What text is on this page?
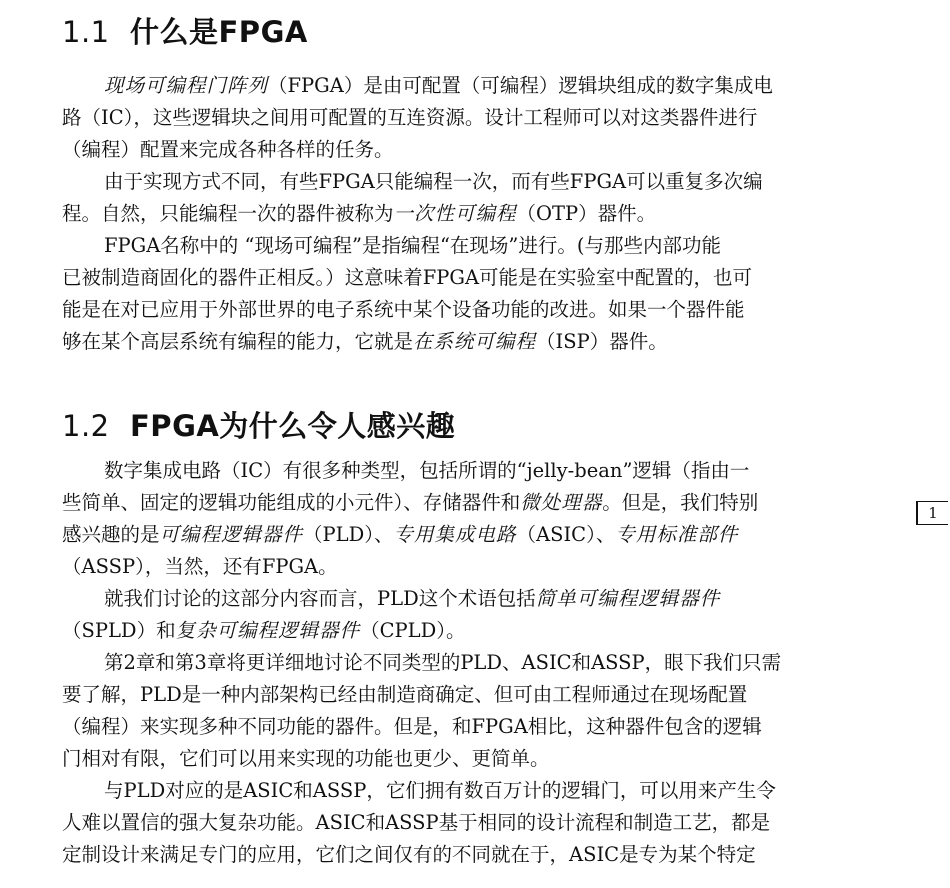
1.1 什么是FPGA

现场可编程门阵列（FPGA）是由可配置（可编程）逻辑块组成的数字集成电

路（IC），这些逻辑块之间用可配置的互连资源。设计工程师可以对这类器件进行

（编程）配置来完成各种各样的任务。

由于实现方式不同，有些FPGA只能编程一次，而有些FPGA可以重复多次编

程。自然，只能编程一次的器件被称为一次性可编程（OTP）器件。

FPGA名称中的 “现场可编程”是指编程“在现场”进行。(与那些内部功能

已被制造商固化的器件正相反。）这意味着FPGA可能是在实验室中配置的，也可

能是在对已应用于外部世界的电子系统中某个设备功能的改进。如果一个器件能

够在某个高层系统有编程的能力，它就是在系统可编程（ISP）器件。

1.2 FPGA为什么令人感兴趣

数字集成电路（IC）有很多种类型，包括所谓的“jelly-bean”逻辑（指由一

些简单、固定的逻辑功能组成的小元件）、存储器件和微处理器。但是，我们特别

感兴趣的是可编程逻辑器件（PLD）、专用集成电路（ASIC）、专用标准部件

（ASSP），当然，还有FPGA。

就我们讨论的这部分内容而言，PLD这个术语包括简单可编程逻辑器件

（SPLD）和复杂可编程逻辑器件（CPLD）。

第2章和第3章将更详细地讨论不同类型的PLD、ASIC和ASSP，眼下我们只需

要了解，PLD是一种内部架构已经由制造商确定、但可由工程师通过在现场配置

（编程）来实现多种不同功能的器件。但是，和FPGA相比，这种器件包含的逻辑

门相对有限，它们可以用来实现的功能也更少、更简单。

与PLD对应的是ASIC和ASSP，它们拥有数百万计的逻辑门，可以用来产生令

人难以置信的强大复杂功能。ASIC和ASSP基于相同的设计流程和制造工艺，都是

定制设计来满足专门的应用，它们之间仅有的不同就在于，ASIC是专为某个特定

1
